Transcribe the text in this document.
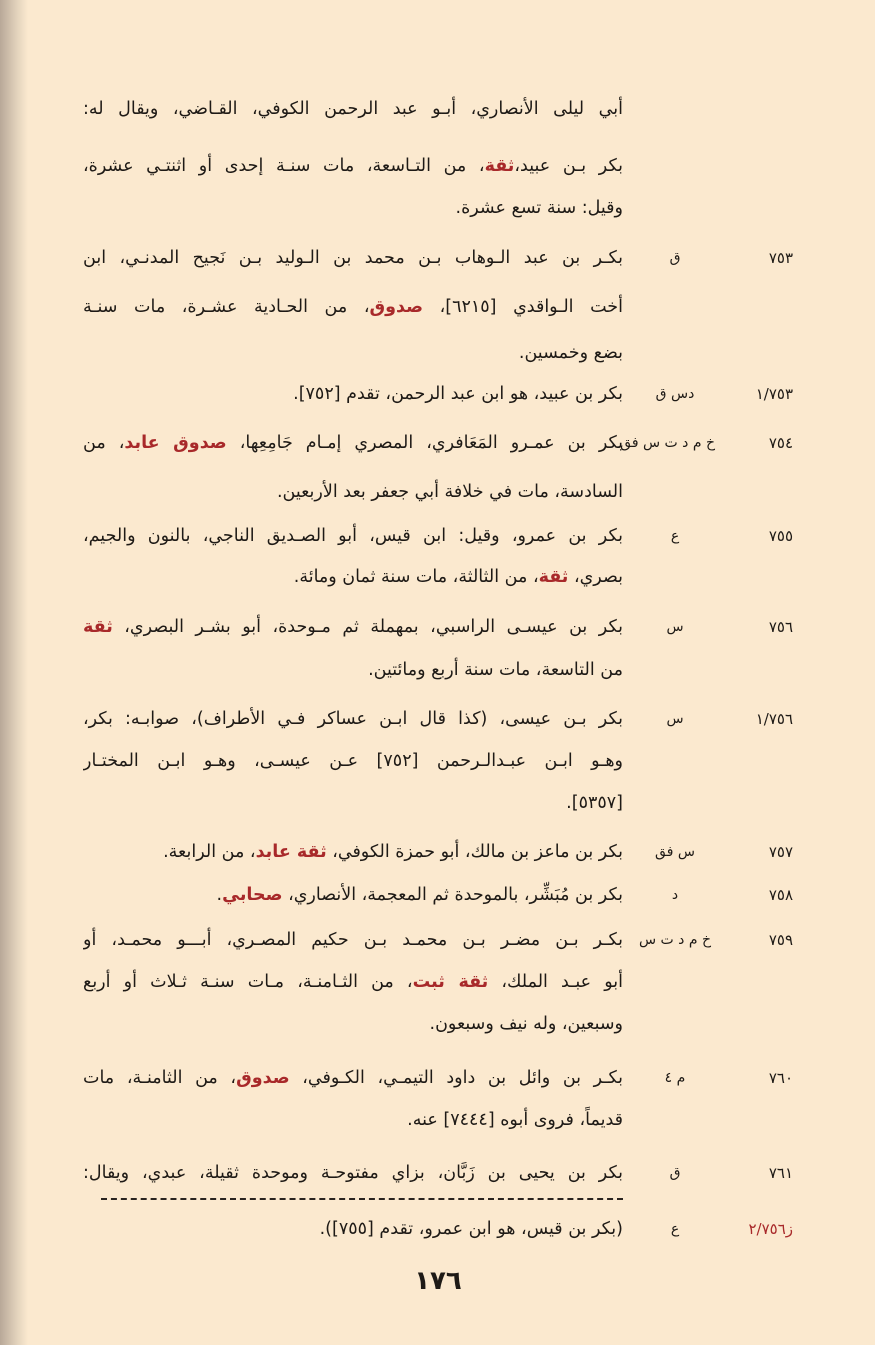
أبي ليلى الأنصاري، أبـو عبد الرحمن الكوفي، القـاضي، ويقال له:
بكر بـن عبيد،ثقة، من التـاسعة، مات سنـة إحدى أو اثنتـي عشرة،
وقيل: سنة تسع عشرة.
٧٥٣
ق
بكـر بن عبد الـوهاب بـن محمد بن الـوليد بـن نَجيح المدنـي، ابن
أخت الـواقدي [٦٢١٥]، صدوق، من الحـادية عشـرة، مات سنـة
بضع وخمسين.
١/٧٥٣
دس ق
بكر بن عبيد، هو ابن عبد الرحمن، تقدم [٧٥٢].
٧٥٤
خ م د ت س فق
بكر بن عمـرو المَعَافري، المصري إمـام جَامِعِها، صدوق عابد، من
السادسة، مات في خلافة أبي جعفر بعد الأربعين.
٧٥٥
ع
بكر بن عمرو، وقيل: ابن قيس، أبو الصـديق الناجي، بالنون والجيم،
بصري، ثقة، من الثالثة، مات سنة ثمان ومائة.
٧٥٦
س
بكر بن عيسـى الراسبي، بمهملة ثم مـوحدة، أبو بشـر البصري، ثقة
من التاسعة، مات سنة أربع ومائتين.
١/٧٥٦
س
بكر بـن عيسى، (كذا قال ابـن عساكر فـي الأطراف)، صوابـه: بكر،
وهـو ابـن عبـدالـرحمن [٧٥٢] عـن عيسـى، وهـو ابـن المختـار
[٥٣٥٧].
٧٥٧
س فق
بكر بن ماعز بن مالك، أبو حمزة الكوفي، ثقة عابد، من الرابعة.
٧٥٨
د
بكر بن مُبَشِّر، بالموحدة ثم المعجمة، الأنصاري، صحابي.
٧٥٩
خ م د ت س
بكـر بـن مضـر بـن محمـد بـن حكيم المصـري، أبـــو محمـد، أو
أبو عبـد الملك، ثقة ثبت، من الثـامنـة، مـات سنـة ثـلاث أو أربع
وسبعين، وله نيف وسبعون.
٧٦٠
م ٤
بكـر بن وائل بن داود التيمـي، الكـوفي، صدوق، من الثامنـة، مات
قديماً، فروى أبوه [٧٤٤٤] عنه.
٧٦١
ق
بكر بن يحيى بن زَبَّان، بزاي مفتوحـة وموحدة ثقيلة، عبدي، ويقال:
ز٢/٧٥٦
ع
(بكر بن قيس، هو ابن عمرو، تقدم [٧٥٥]).
١٧٦
